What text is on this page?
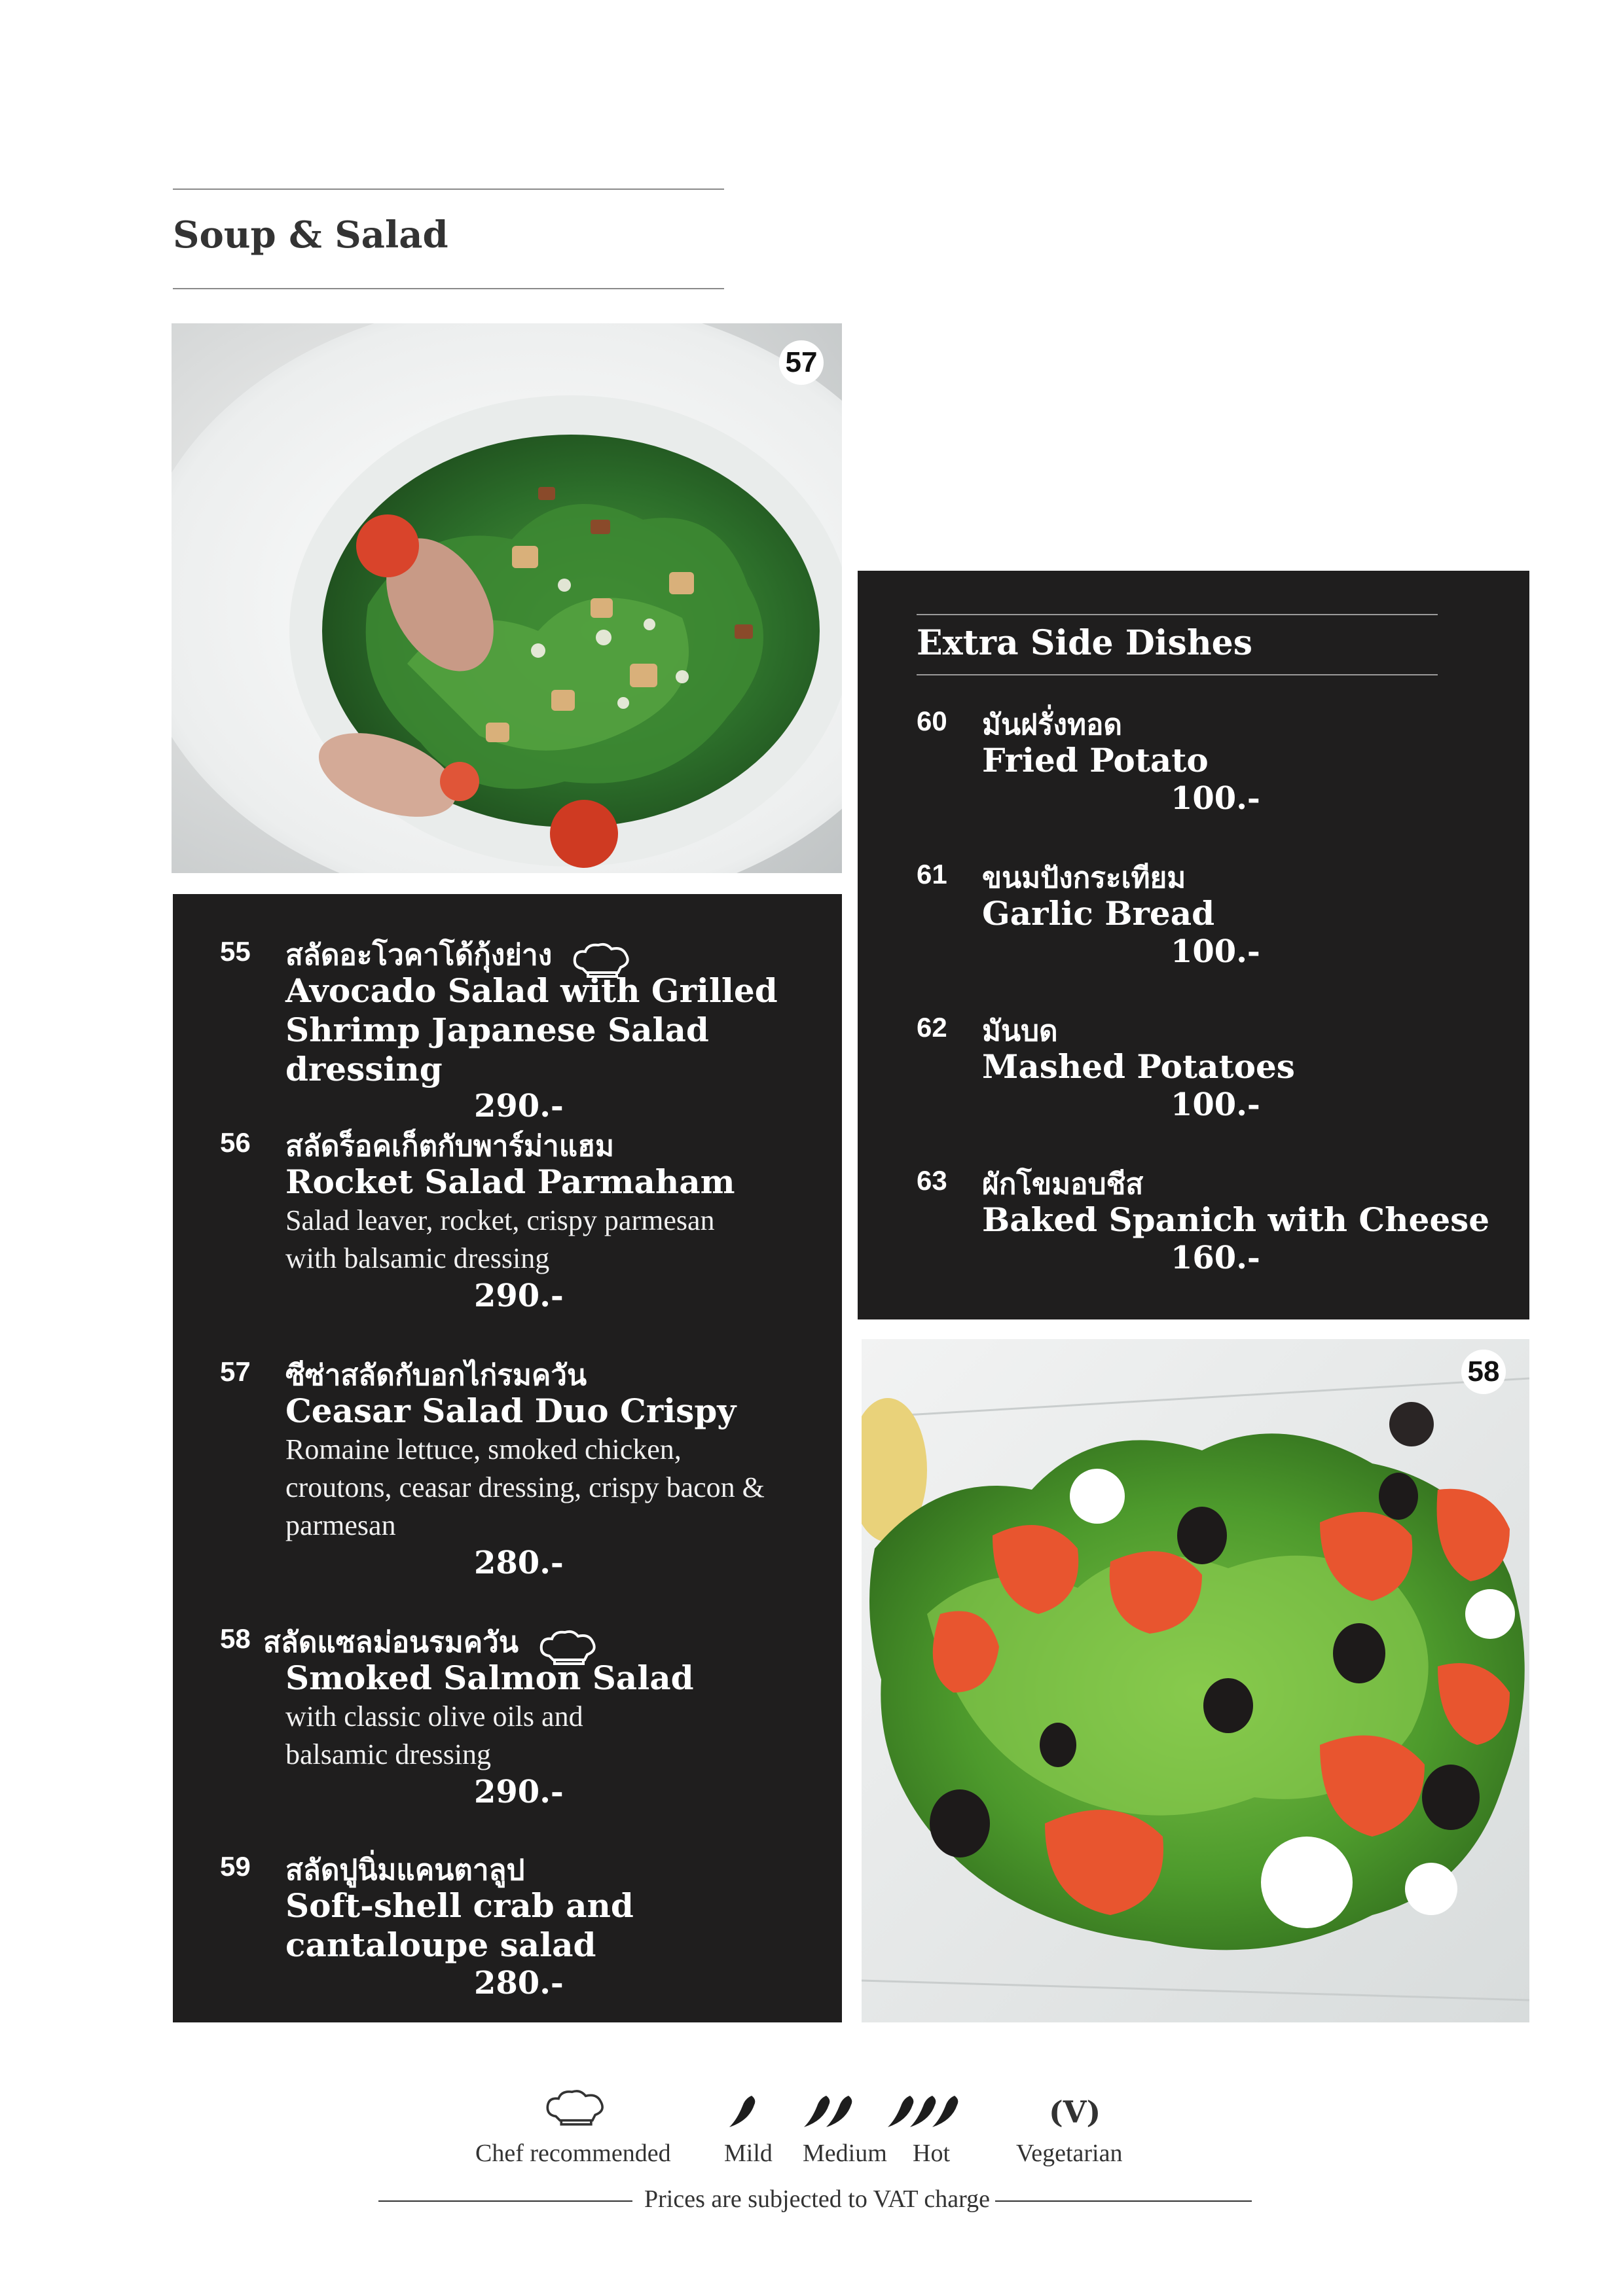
Soup & Salad
57
55 สลัดอะโวคาโด้กุ้งย่าง
Avocado Salad with Grilled
Shrimp Japanese Salad dressing
290.-
56 สลัดร็อคเก็ตกับพาร์ม่าแฮม
Rocket Salad Parmaham
Salad leaver, rocket, crispy parmesan
with balsamic dressing
290.-
57 ซีซ่าสลัดกับอกไก่รมควัน
Ceasar Salad Duo Crispy
Romaine lettuce, smoked chicken,
croutons, ceasar dressing, crispy bacon &
parmesan
280.-
58 สลัดแซลม่อนรมควัน
Smoked Salmon Salad
with classic olive oils and
balsamic dressing
290.-
59 สลัดปูนิ่มแคนตาลูป
Soft-shell crab and
cantaloupe salad
280.-
Extra Side Dishes
60 มันฝรั่งทอด
Fried Potato
100.-
61 ขนมปังกระเทียม
Garlic Bread
100.-
62 มันบด
Mashed Potatoes
100.-
63 ผักโขมอบชีส
Baked Spanich with Cheese
160.-
58
Chef recommended Mild Medium Hot
(V)
Vegetarian
Prices are subjected to VAT charge
